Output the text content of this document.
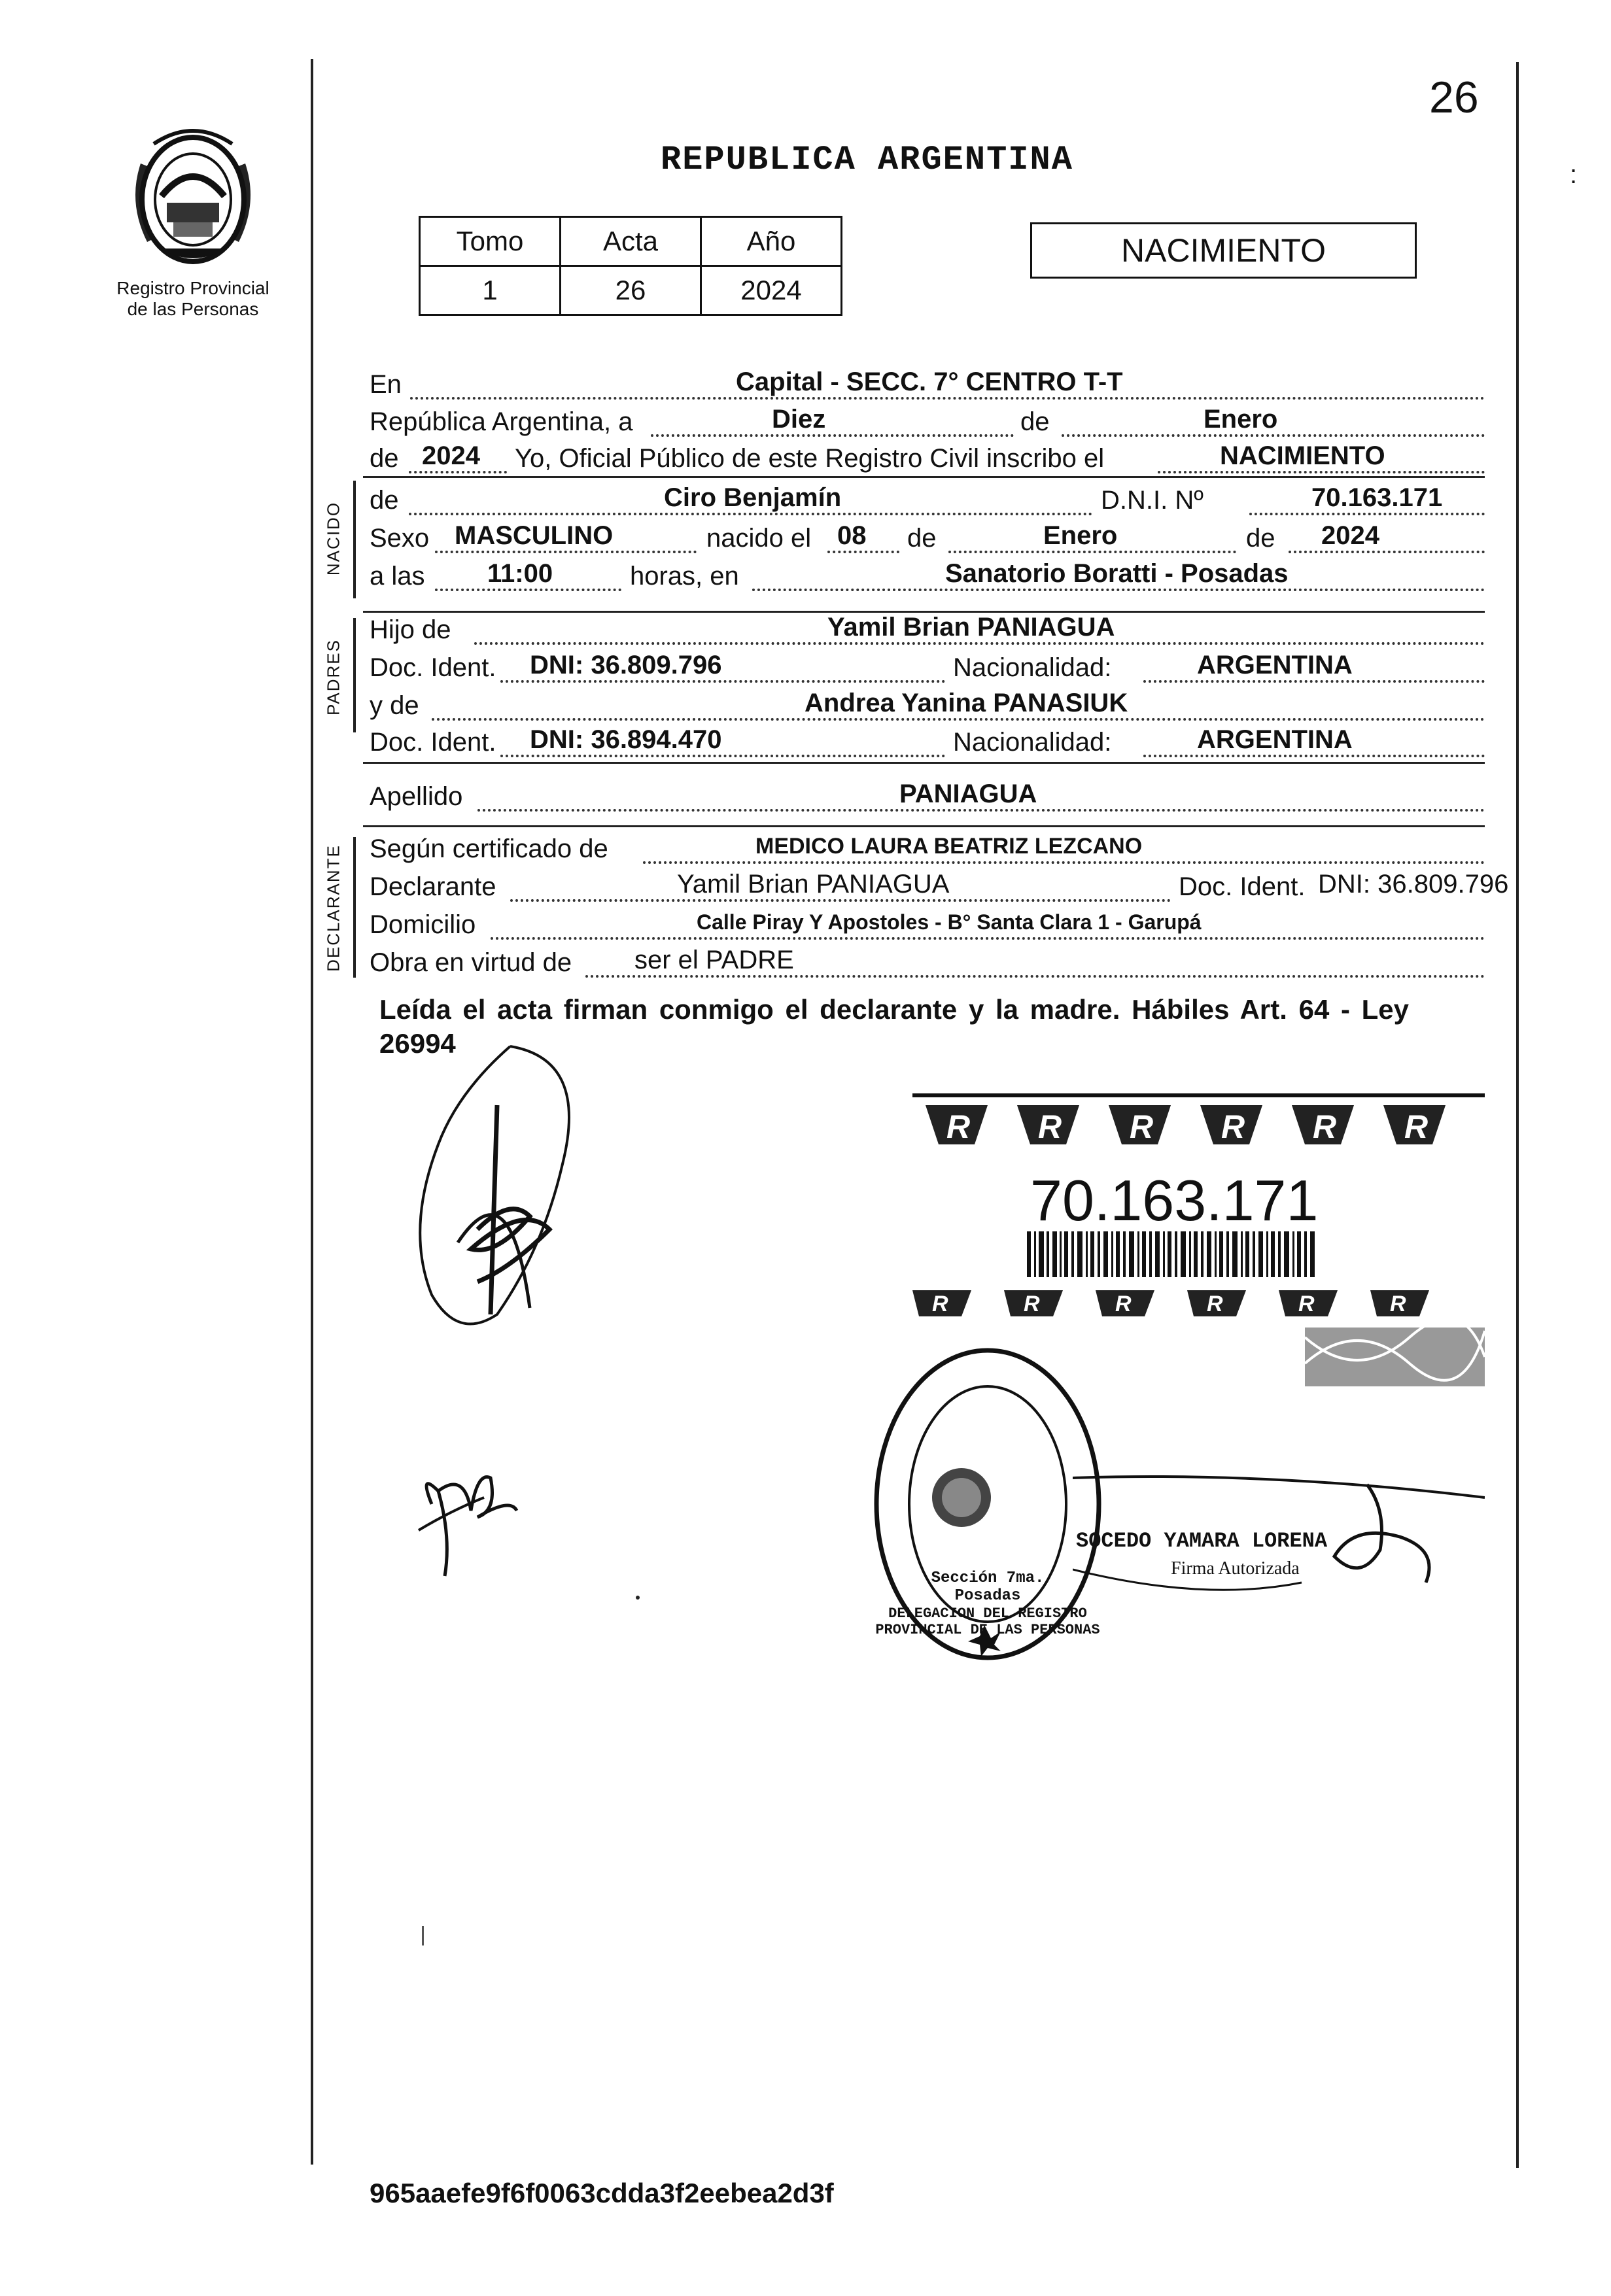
:
26
Registro Provincial
de las Personas
REPUBLICA ARGENTINA
Tomo	Acta	Año
1	26	2024
NACIMIENTO
NACIDO
PADRES
DECLARANTE
En	Capital - SECC. 7° CENTRO T-T
República Argentina, a	Diez	de	Enero
de 2024 Yo, Oficial Público de este Registro Civil inscribo el	NACIMIENTO
de	Ciro Benjamín	D.N.I. Nº	70.163.171
Sexo MASCULINO	nacido el 08 de	Enero	de 2024
a las 11:00	horas, en	Sanatorio Boratti - Posadas
Hijo de	Yamil Brian PANIAGUA
Doc. Ident. DNI: 36.809.796	Nacionalidad:	ARGENTINA
y de	Andrea Yanina PANASIUK
Doc. Ident. DNI: 36.894.470	Nacionalidad:	ARGENTINA
Apellido	PANIAGUA
Según certificado de	MEDICO LAURA BEATRIZ LEZCANO
Declarante	Yamil Brian PANIAGUA	Doc. Ident. DNI: 36.809.796
Domicilio	Calle Piray Y Apostoles - B° Santa Clara 1 - Garupá
Obra en virtud de ser el PADRE
Leída el acta firman conmigo el declarante y la madre. Hábiles Art. 64 - Ley 26994
R R R R R R
R	R	R	R	R	R
70.163.171
DELEGACION DEL REGISTRO PROVINCIAL DE LAS PERSONAS
Sección 7ma. Posadas
SOCEDO YAMARA LORENA
Firma Autorizada
965aaefe9f6f0063cdda3f2eebea2d3f
